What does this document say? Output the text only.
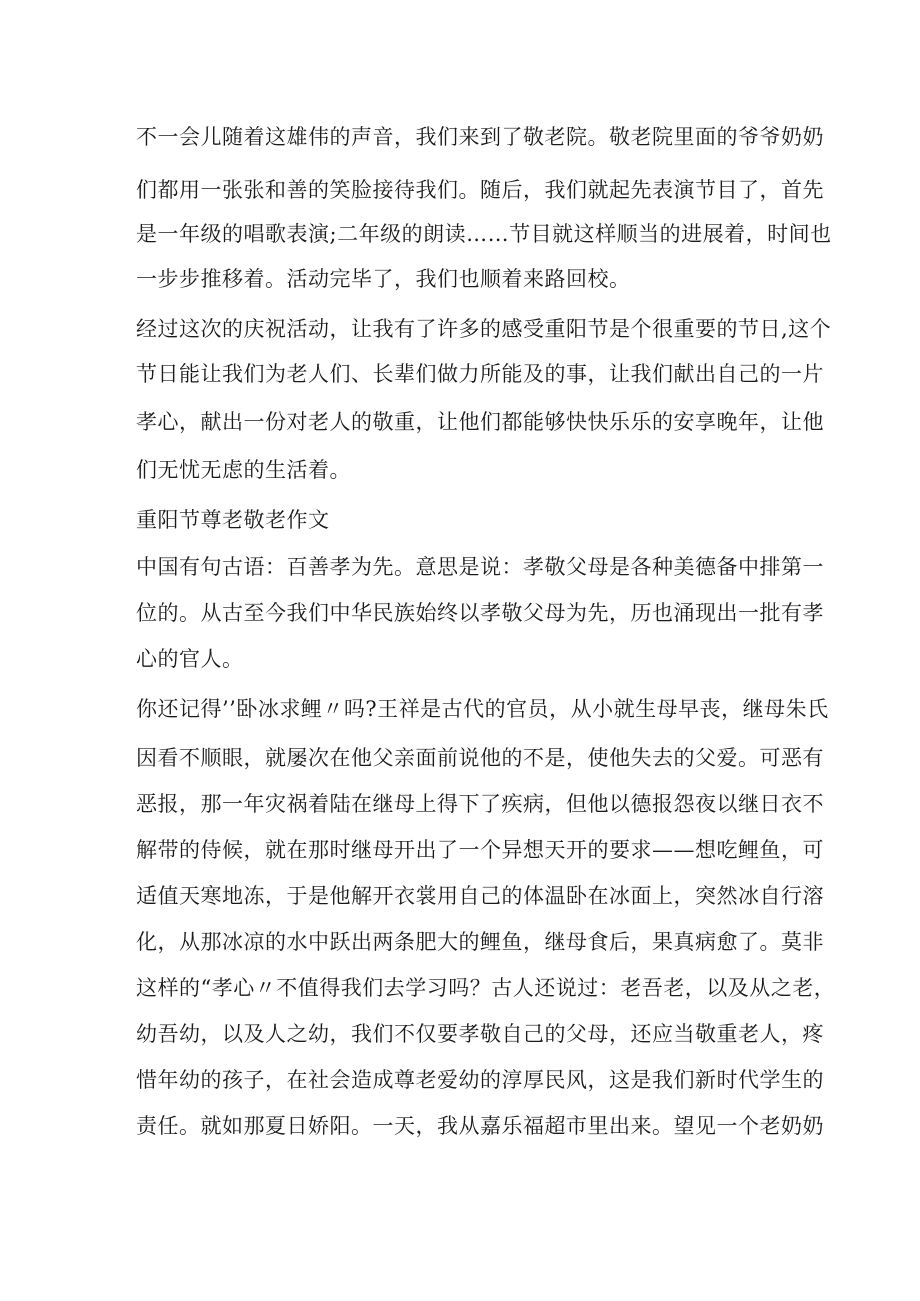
不一会儿随着这雄伟的声音，我们来到了敬老院。敬老院里面的爷爷奶奶
们都用一张张和善的笑脸接待我们。随后，我们就起先表演节目了，首先
是一年级的唱歌表演;二年级的朗读……节目就这样顺当的进展着，时间也
一步步推移着。活动完毕了，我们也顺着来路回校。
经过这次的庆祝活动，让我有了许多的感受重阳节是个很重要的节日,这个
节日能让我们为老人们、长辈们做力所能及的事，让我们献出自己的一片
孝心，献出一份对老人的敬重，让他们都能够快快乐乐的安享晚年，让他
们无忧无虑的生活着。
重阳节尊老敬老作文
中国有句古语：百善孝为先。意思是说：孝敬父母是各种美德备中排第一
位的。从古至今我们中华民族始终以孝敬父母为先，历也涌现出一批有孝
心的官人。
你还记得’’卧冰求鲤〃吗?王祥是古代的官员，从小就生母早丧，继母朱氏
因看不顺眼，就屡次在他父亲面前说他的不是，使他失去的父爱。可恶有
恶报，那一年灾祸着陆在继母上得下了疾病，但他以德报怨夜以继日衣不
解带的侍候，就在那时继母开出了一个异想天开的要求——想吃鲤鱼，可
适值天寒地冻，于是他解开衣裳用自己的体温卧在冰面上，突然冰自行溶
化，从那冰凉的水中跃出两条肥大的鲤鱼，继母食后，果真病愈了。莫非
这样的“孝心〃不值得我们去学习吗？古人还说过：老吾老，以及从之老，
幼吾幼，以及人之幼，我们不仅要孝敬自己的父母，还应当敬重老人，疼
惜年幼的孩子，在社会造成尊老爱幼的淳厚民风，这是我们新时代学生的
责任。就如那夏日娇阳。一天，我从嘉乐福超市里出来。望见一个老奶奶
